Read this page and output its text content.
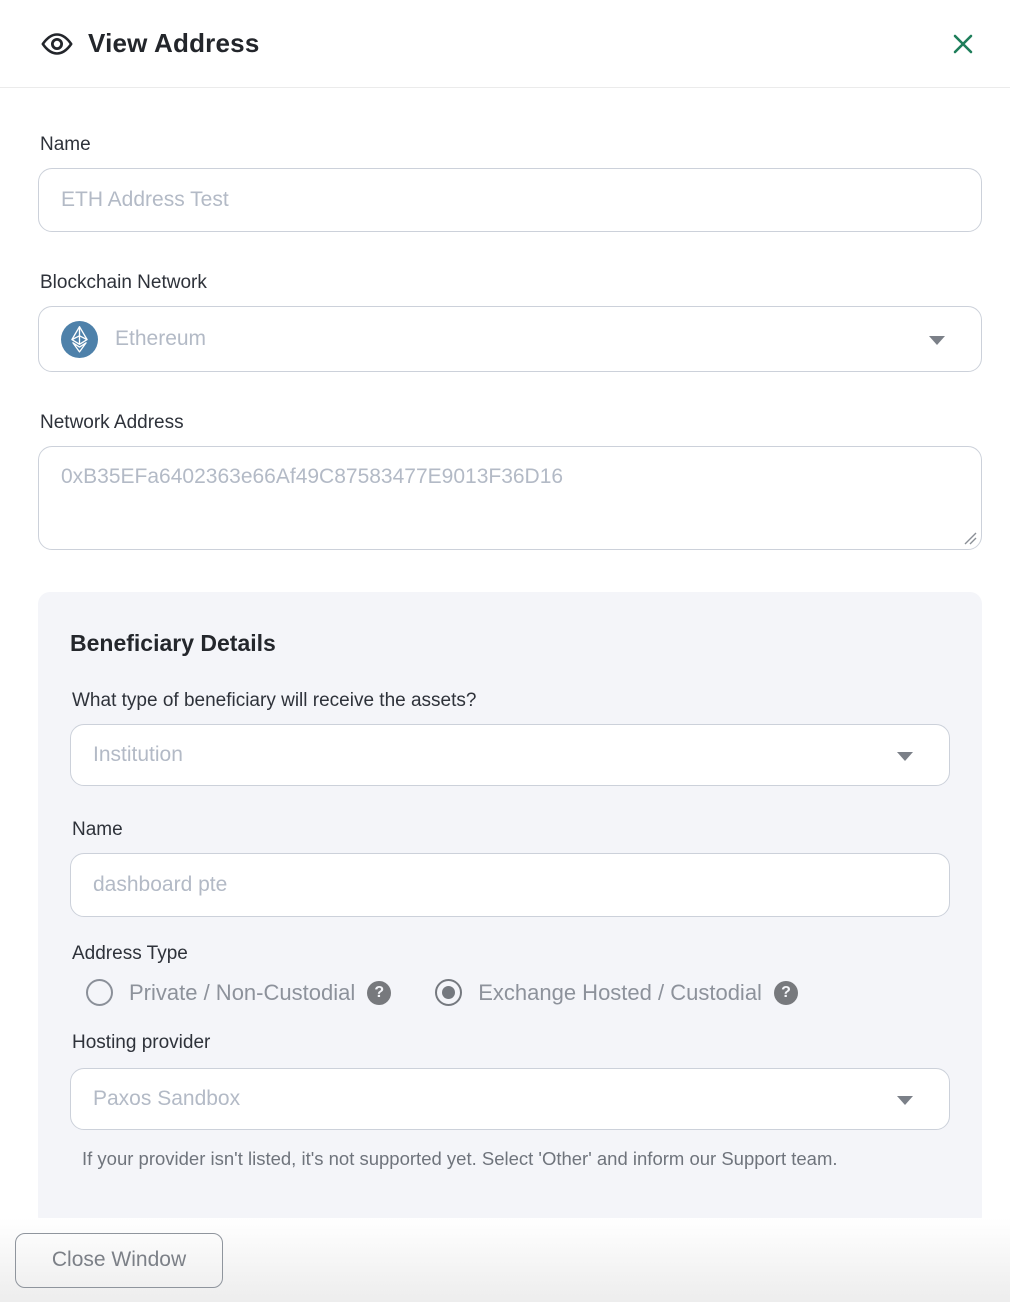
View Address
Name
ETH Address Test
Blockchain Network
Ethereum
Network Address
0xB35EFa6402363e66Af49C87583477E9013F36D16
Beneficiary Details
What type of beneficiary will receive the assets?
Institution
Name
dashboard pte
Address Type
Private / Non-Custodial	?	Exchange Hosted / Custodial	?
Hosting provider
Paxos Sandbox
If your provider isn't listed, it's not supported yet. Select 'Other' and inform our Support team.
Close Window
